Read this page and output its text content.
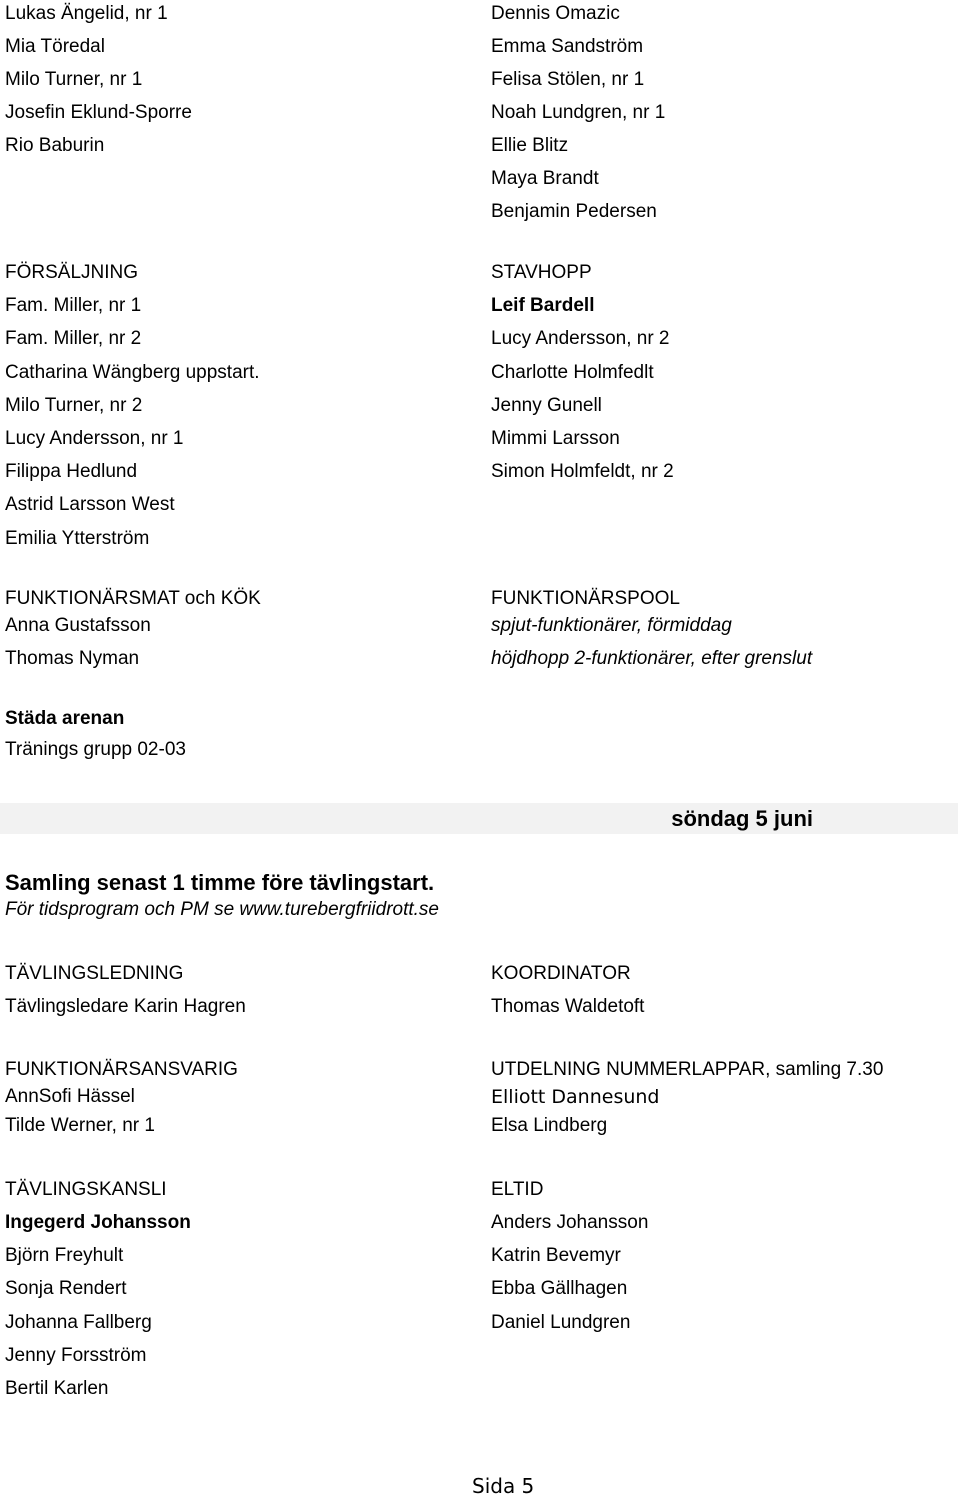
Lukas Ängelid, nr 1
Mia Töredal
Milo Turner, nr 1
Josefin Eklund-Sporre
Rio Baburin
Dennis Omazic
Emma Sandström
Felisa Stölen, nr 1
Noah Lundgren, nr 1
Ellie Blitz
Maya Brandt
Benjamin Pedersen
FÖRSÄLJNING
Fam. Miller, nr 1
Fam. Miller, nr 2
Catharina Wängberg uppstart.
Milo Turner, nr 2
Lucy Andersson, nr 1
Filippa Hedlund
Astrid Larsson West
Emilia Ytterström
STAVHOPP
Leif Bardell
Lucy Andersson, nr 2
Charlotte Holmfedlt
Jenny Gunell
Mimmi Larsson
Simon Holmfeldt, nr 2
FUNKTIONÄRSMAT och KÖK
Anna Gustafsson
Thomas Nyman
FUNKTIONÄRSPOOL
spjut-funktionärer, förmiddag
höjdhopp 2-funktionärer, efter grenslut
Städa arenan
Tränings grupp 02-03
söndag 5 juni
Samling senast 1 timme före tävlingstart.
För tidsprogram och PM se www.turebergfriidrott.se
TÄVLINGSLEDNING
Tävlingsledare Karin Hagren
KOORDINATOR
Thomas Waldetoft
FUNKTIONÄRSANSVARIG
AnnSofi Hässel
Tilde Werner, nr 1
UTDELNING NUMMERLAPPAR, samling 7.30
Elliott Dannesund
Elsa Lindberg
TÄVLINGSKANSLI
Ingegerd Johansson
Björn Freyhult
Sonja Rendert
Johanna Fallberg
Jenny Forsström
Bertil Karlen
ELTID
Anders Johansson
Katrin Bevemyr
Ebba Gällhagen
Daniel Lundgren
Sida 5
